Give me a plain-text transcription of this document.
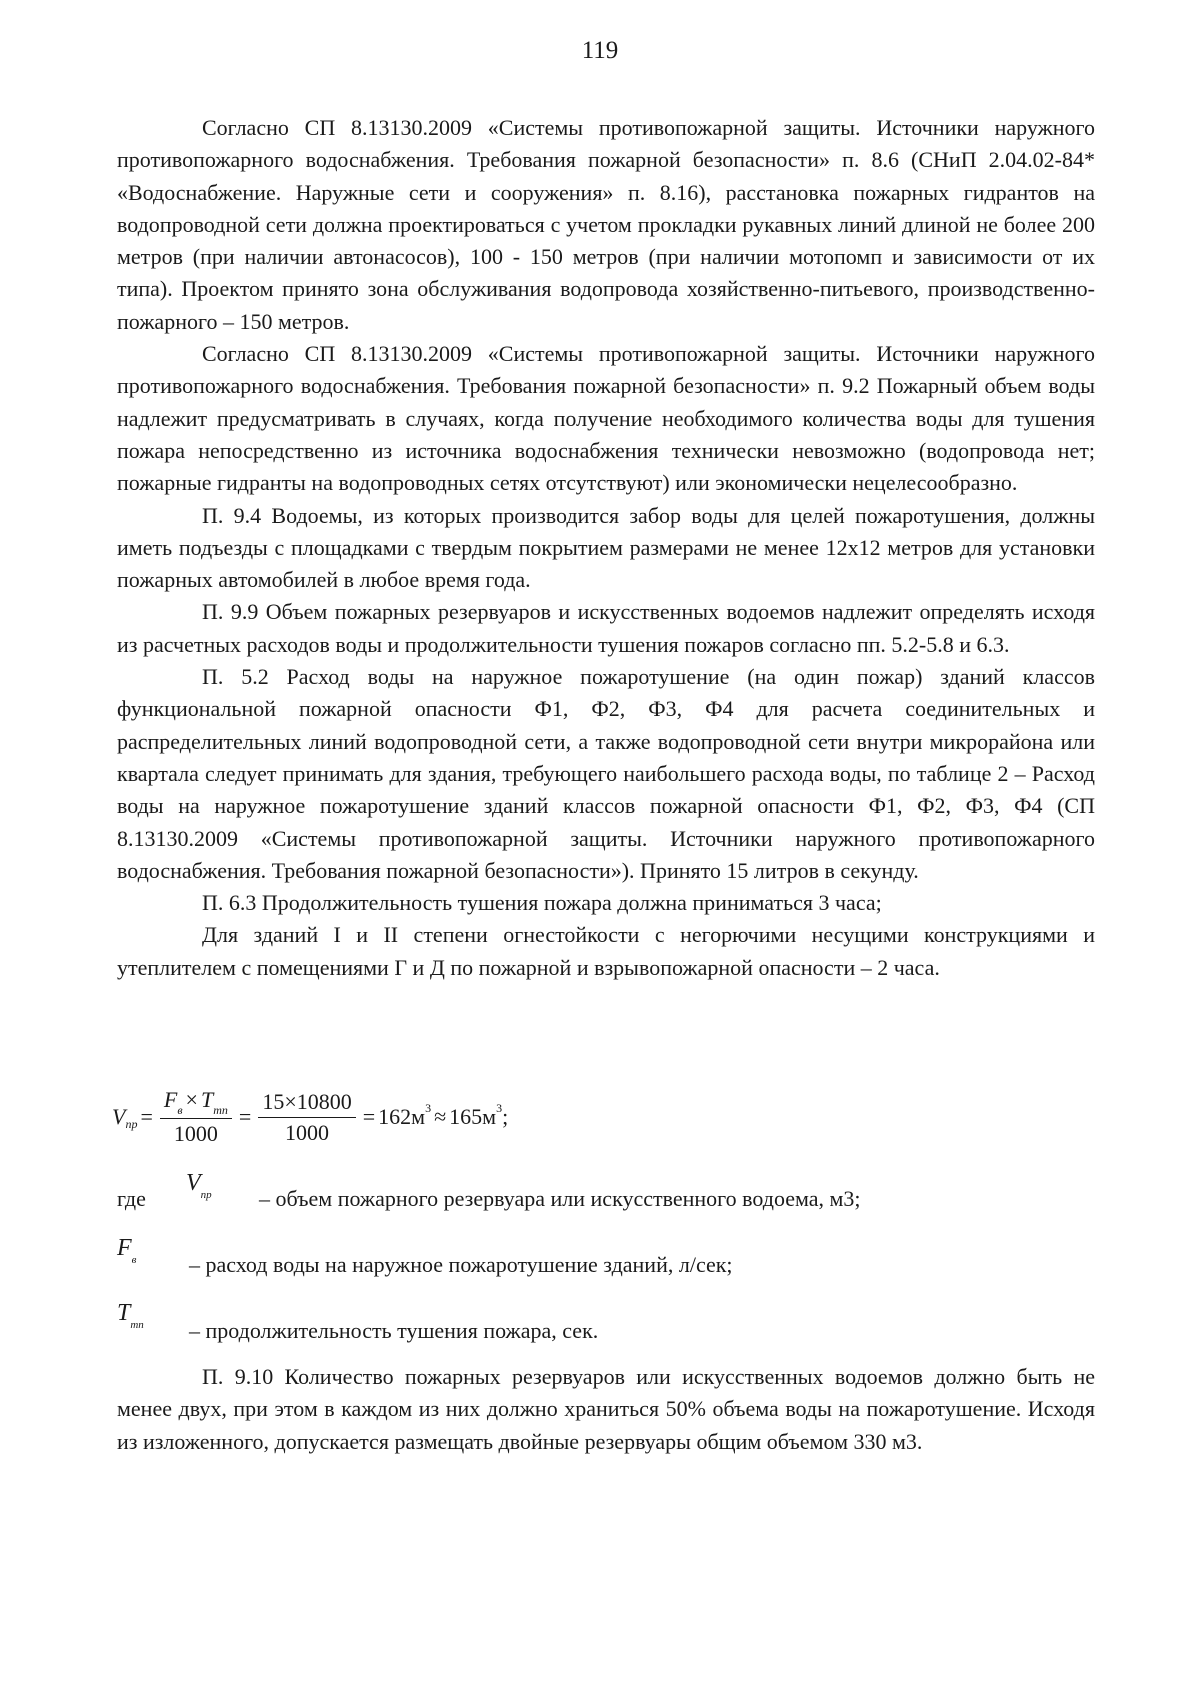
119

Согласно СП 8.13130.2009 «Системы противопожарной защиты. Источники наружного противопожарного водоснабжения. Требования пожарной безопасности» п. 8.6 (СНиП 2.04.02-84* «Водоснабжение. Наружные сети и сооружения» п. 8.16), расстановка пожарных гидрантов на водопроводной сети должна проектироваться с учетом прокладки рукавных линий длиной не более 200 метров (при наличии автонасосов), 100 - 150 метров (при наличии мотопомп и зависимости от их типа). Проектом принято зона обслуживания водопровода хозяйственно-питьевого, производственно-пожарного – 150 метров.

Согласно СП 8.13130.2009 «Системы противопожарной защиты. Источники наружного противопожарного водоснабжения. Требования пожарной безопасности» п. 9.2 Пожарный объем воды надлежит предусматривать в случаях, когда получение необходимого количества воды для тушения пожара непосредственно из источника водоснабжения технически невозможно (водопровода нет; пожарные гидранты на водопроводных сетях отсутствуют) или экономически нецелесообразно.

П. 9.4 Водоемы, из которых производится забор воды для целей пожаротушения, должны иметь подъезды с площадками с твердым покрытием размерами не менее 12х12 метров для установки пожарных автомобилей в любое время года.

П. 9.9 Объем пожарных резервуаров и искусственных водоемов надлежит определять исходя из расчетных расходов воды и продолжительности тушения пожаров согласно пп. 5.2-5.8 и 6.3.

П. 5.2 Расход воды на наружное пожаротушение (на один пожар) зданий классов функциональной пожарной опасности Ф1, Ф2, Ф3, Ф4 для расчета соединительных и распределительных линий водопроводной сети, а также водопроводной сети внутри микрорайона или квартала следует принимать для здания, требующего наибольшего расхода воды, по таблице 2 – Расход воды на наружное пожаротушение зданий классов пожарной опасности Ф1, Ф2, Ф3, Ф4 (СП 8.13130.2009 «Системы противопожарной защиты. Источники наружного противопожарного водоснабжения. Требования пожарной безопасности»). Принято 15 литров в секунду.

П. 6.3 Продолжительность тушения пожара должна приниматься 3 часа;

Для зданий I и II степени огнестойкости с негорючими несущими конструкциями и утеплителем с помещениями Г и Д по пожарной и взрывопожарной опасности – 2 часа.

V пр = $\frac{F_в \times T_{тп}}{1000} = \frac{15\times 10800}{1000} = 162м$ 3 ≈ 165м 3 ;
где
$V_{пр}$ – объем пожарного резервуара или искусственного водоема, м3;
$F_в$ – расход воды на наружное пожаротушение зданий, л/сек;
$T_{тп}$ – продолжительность тушения пожара, сек.

П. 9.10 Количество пожарных резервуаров или искусственных водоемов должно быть не менее двух, при этом в каждом из них должно храниться 50% объема воды на пожаротушение. Исходя из изложенного, допускается размещать двойные резервуары общим объемом 330 м3.
